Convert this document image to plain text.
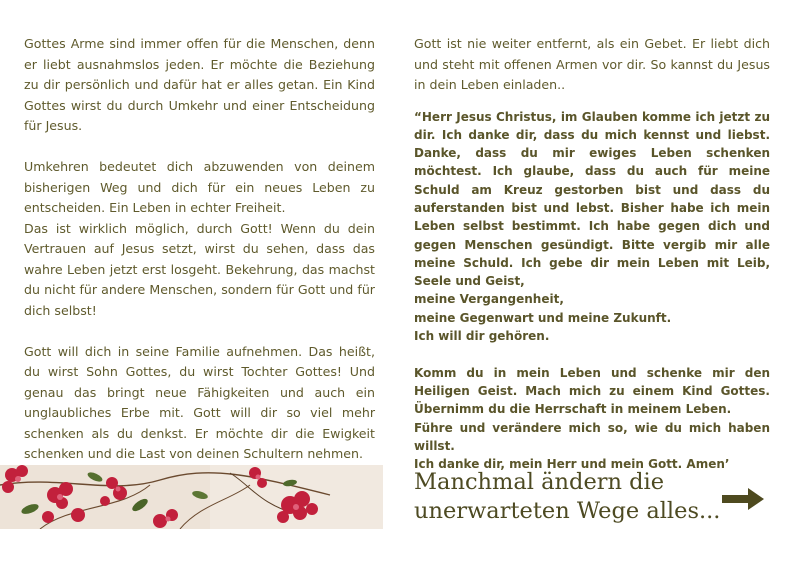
Gottes Arme sind immer offen für die Menschen, denn er liebt ausnahmslos jeden. Er möchte die Beziehung zu dir persönlich und dafür hat er alles getan. Ein Kind Gottes wirst du durch Umkehr und einer Entscheidung für Jesus.

Umkehren bedeutet dich abzuwenden von deinem bisherigen Weg und dich für ein neues Leben zu entscheiden. Ein Leben in echter Freiheit.

Das ist wirklich möglich, durch Gott! Wenn du dein Vertrauen auf Jesus setzt, wirst du sehen, dass das wahre Leben jetzt erst losgeht. Bekehrung, das machst du nicht für andere Menschen, sondern für Gott und für dich selbst!

Gott will dich in seine Familie aufnehmen. Das heißt, du wirst Sohn Gottes, du wirst Tochter Gottes! Und genau das bringt neue Fähigkeiten und auch ein unglaubliches Erbe mit. Gott will dir so viel mehr schenken als du denkst. Er möchte dir die Ewigkeit schenken und die Last von deinen Schultern nehmen.

Gott ist nie weiter entfernt, als ein Gebet. Er liebt dich und steht mit offenen Armen vor dir. So kannst du Jesus in dein Leben einladen..

“Herr Jesus Christus, im Glauben komme ich jetzt zu dir. Ich danke dir, dass du mich kennst und liebst. Danke, dass du mir ewiges Leben schenken möchtest. Ich glaube, dass du auch für meine Schuld am Kreuz gestorben bist und dass du auferstanden bist und lebst. Bisher habe ich mein Leben selbst bestimmt. Ich habe gegen dich und gegen Menschen gesündigt. Bitte vergib mir alle meine Schuld. Ich gebe dir mein Leben mit Leib, Seele und Geist,
meine Vergangenheit,
meine Gegenwart und meine Zukunft.
Ich will dir gehören.
Komm du in mein Leben und schenke mir den Heiligen Geist. Mach mich zu einem Kind Gottes. Übernimm du die Herrschaft in meinem Leben.
Führe und verändere mich so, wie du mich haben willst.
Ich danke dir, mein Herr und mein Gott. Amen’
Manchmal ändern die
unerwarteten Wege alles...
